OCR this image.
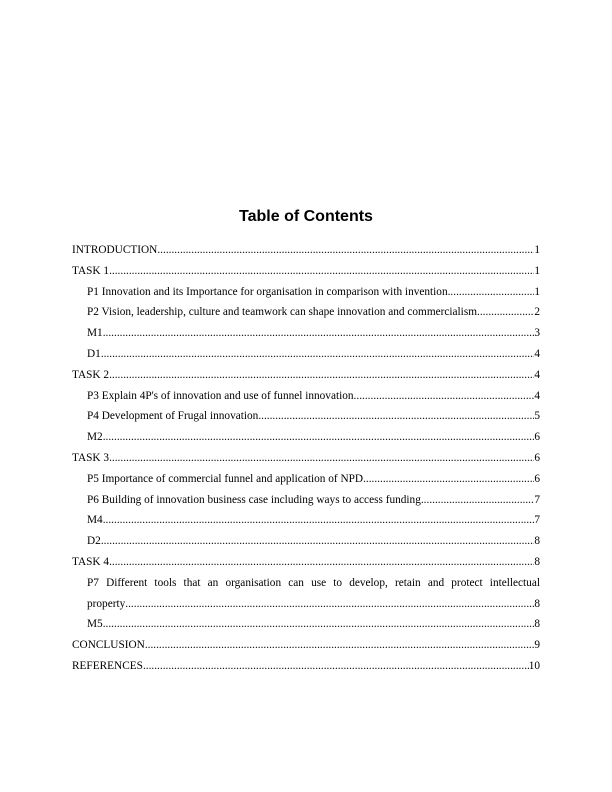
Table of Contents
INTRODUCTION .....	1
TASK 1 .....	1
P1 Innovation and its Importance for organisation in comparison with invention .....	1
P2 Vision, leadership, culture and teamwork can shape innovation and commercialism .....	2
M1 .....	3
D1 .....	4
TASK 2 .....	4
P3 Explain 4P's of innovation and use of funnel innovation .....	4
P4 Development of Frugal innovation .....	5
M2 .....	6
TASK 3 .....	6
P5 Importance of commercial funnel and application of NPD .....	6
P6 Building of innovation business case including ways to access funding .....	7
M4 .....	7
D2 .....	8
TASK 4 .....	8
P7 Different tools that an organisation can use to develop, retain and protect intellectual
property .....	8
M5 .....	8
CONCLUSION .....	9
REFERENCES .....	10
